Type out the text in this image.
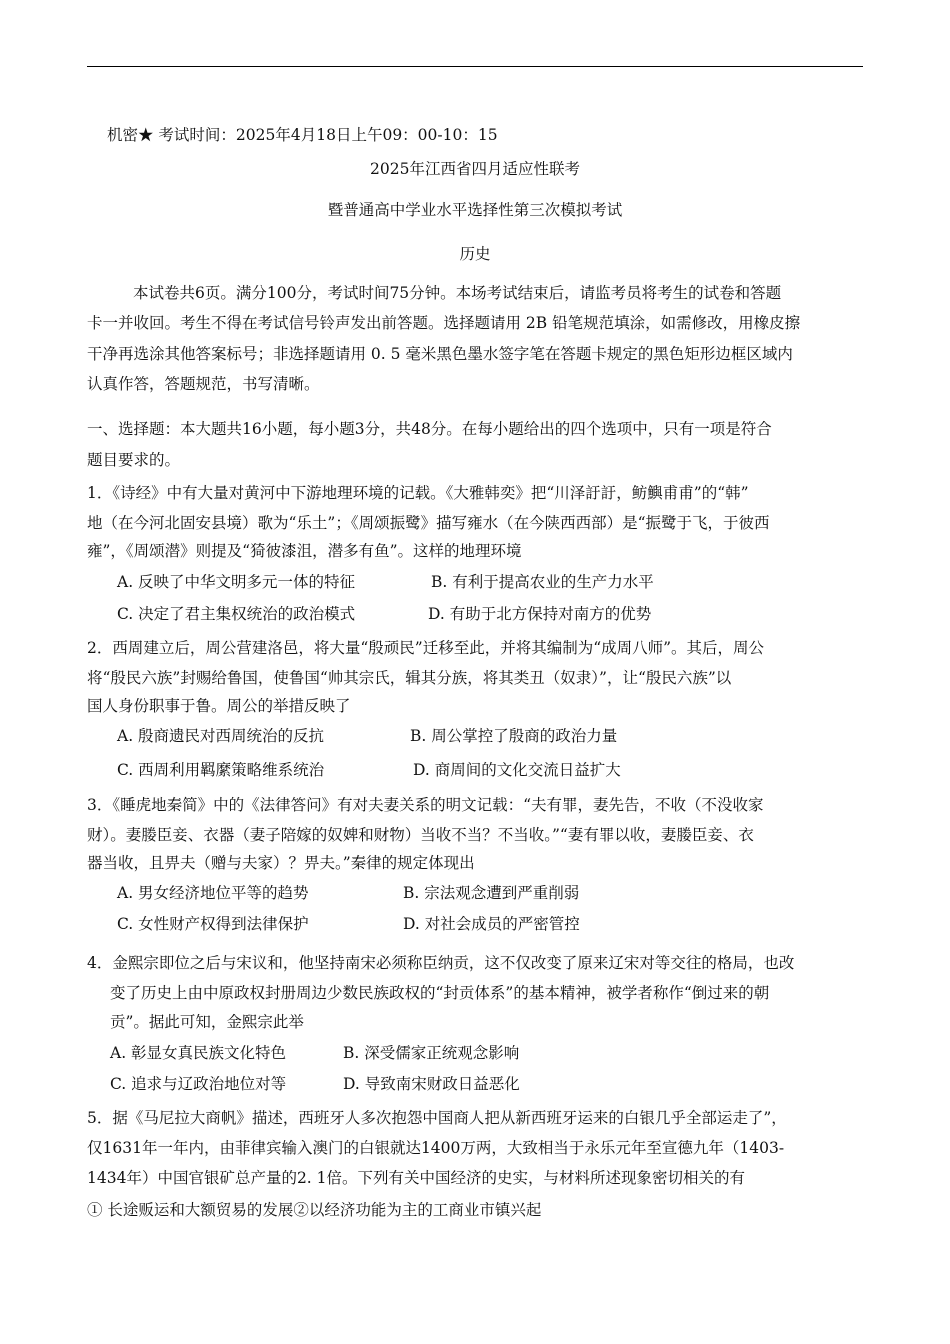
机密★ 考试时间：2025年4月18日上午09：00-10：15
2025年江西省四月适应性联考
暨普通高中学业水平选择性第三次模拟考试
历史
本试卷共6页。满分100分，考试时间75分钟。本场考试结束后，请监考员将考生的试卷和答题
卡一并收回。考生不得在考试信号铃声发出前答题。选择题请用 2B 铅笔规范填涂，如需修改，用橡皮擦
干净再选涂其他答案标号；非选择题请用 0. 5 毫米黑色墨水签字笔在答题卡规定的黑色矩形边框区域内
认真作答，答题规范，书写清晰。
一、选择题：本大题共16小题，每小题3分，共48分。在每小题给出的四个选项中，只有一项是符合
题目要求的。
1．《诗经》中有大量对黄河中下游地理环境的记载。《大雅韩奕》把“川泽訏訏，鲂鱮甫甫”的“韩”
地（在今河北固安县境）歌为“乐土”；《周颂振鹭》描写雍水（在今陕西西部）是“振鹭于飞，于彼西
雍”，《周颂潜》则提及“猗彼漆沮，潜多有鱼”。这样的地理环境
A. 反映了中华文明多元一体的特征	B. 有利于提高农业的生产力水平
C. 决定了君主集权统治的政治模式	D. 有助于北方保持对南方的优势
2．西周建立后，周公营建洛邑，将大量“殷顽民”迁移至此，并将其编制为“成周八师”。其后，周公
将“殷民六族”封赐给鲁国，使鲁国“帅其宗氏，辑其分族，将其类丑（奴隶）”，让“殷民六族”以
国人身份职事于鲁。周公的举措反映了
A. 殷商遗民对西周统治的反抗	B. 周公掌控了殷商的政治力量
C. 西周利用羁縻策略维系统治	D. 商周间的文化交流日益扩大
3．《睡虎地秦简》中的《法律答问》有对夫妻关系的明文记载：“夫有罪，妻先告，不收（不没收家
财）。妻媵臣妾、衣器（妻子陪嫁的奴婢和财物）当收不当？不当收。”“妻有罪以收，妻媵臣妾、衣
器当收，且畀夫（赠与夫家）？畀夫。”秦律的规定体现出
A. 男女经济地位平等的趋势	B. 宗法观念遭到严重削弱
C. 女性财产权得到法律保护	D. 对社会成员的严密管控
4．金熙宗即位之后与宋议和，他坚持南宋必须称臣纳贡，这不仅改变了原来辽宋对等交往的格局，也改
变了历史上由中原政权封册周边少数民族政权的“封贡体系”的基本精神，被学者称作“倒过来的朝
贡”。据此可知，金熙宗此举
A. 彰显女真民族文化特色	B. 深受儒家正统观念影响
C. 追求与辽政治地位对等	D. 导致南宋财政日益恶化
5．据《马尼拉大商帆》描述，西班牙人多次抱怨中国商人把从新西班牙运来的白银几乎全部运走了”，
仅1631年一年内，由菲律宾输入澳门的白银就达1400万两，大致相当于永乐元年至宣德九年（1403-
1434年）中国官银矿总产量的2. 1倍。下列有关中国经济的史实，与材料所述现象密切相关的有
① 长途贩运和大额贸易的发展②以经济功能为主的工商业市镇兴起
